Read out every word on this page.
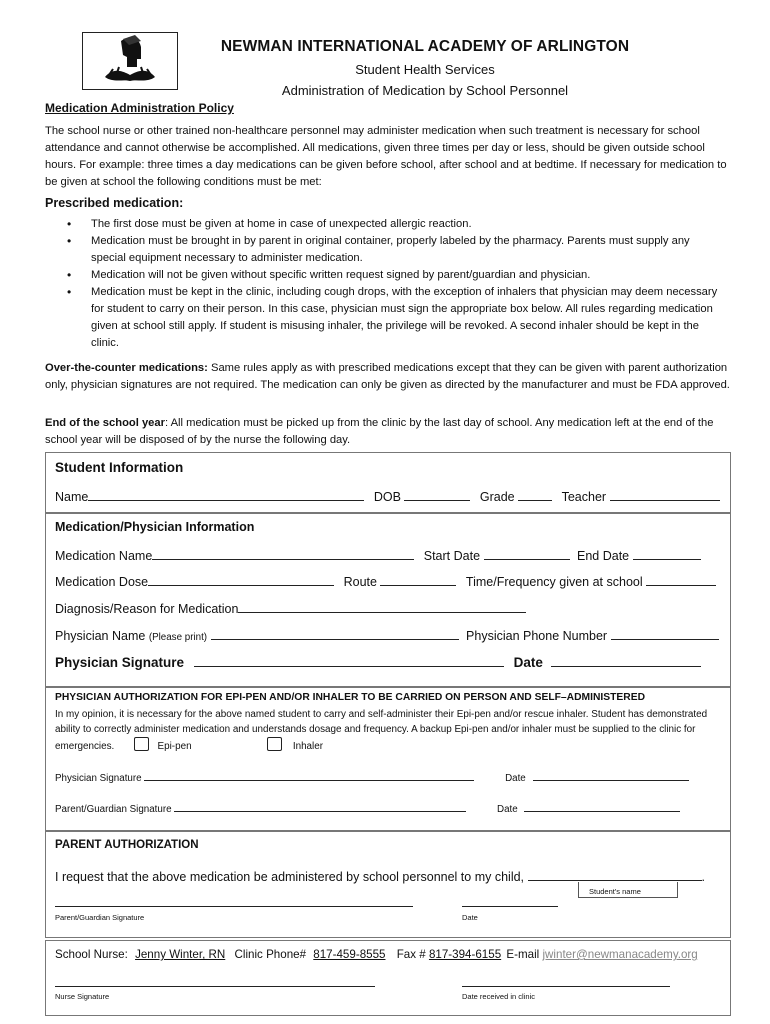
NEWMAN INTERNATIONAL ACADEMY OF ARLINGTON
Student Health Services
Administration of Medication by School Personnel
Medication Administration Policy
The school nurse or other trained non-healthcare personnel may administer medication when such treatment is necessary for school attendance and cannot otherwise be accomplished. All medications, given three times per day or less, should be given outside school hours. For example: three times a day medications can be given before school, after school and at bedtime. If necessary for medication to be given at school the following conditions must be met:
Prescribed medication:
• The first dose must be given at home in case of unexpected allergic reaction.
• Medication must be brought in by parent in original container, properly labeled by the pharmacy. Parents must supply any special equipment necessary to administer medication.
• Medication will not be given without specific written request signed by parent/guardian and physician.
• Medication must be kept in the clinic, including cough drops, with the exception of inhalers that physician may deem necessary for student to carry on their person. In this case, physician must sign the appropriate box below. All rules regarding medication given at school still apply. If student is misusing inhaler, the privilege will be revoked. A second inhaler should be kept in the clinic.
Over-the-counter medications: Same rules apply as with prescribed medications except that they can be given with parent authorization only, physician signatures are not required. The medication can only be given as directed by the manufacturer and must be FDA approved.
End of the school year: All medication must be picked up from the clinic by the last day of school. Any medication left at the end of the school year will be disposed of by the nurse the following day.
Student Information
Name	DOB	Grade	Teacher
Medication/Physician Information
Medication Name	Start Date	End Date
Medication Dose	Route	Time/Frequency given at school
Diagnosis/Reason for Medication
Physician Name (Please print)	Physician Phone Number
Physician Signature	Date
PHYSICIAN AUTHORIZATION FOR EPI-PEN AND/OR INHALER TO BE CARRIED ON PERSON AND SELF–ADMINISTERED
In my opinion, it is necessary for the above named student to carry and self-administer their Epi-pen and/or rescue inhaler. Student has demonstrated ability to correctly administer medication and understands dosage and frequency. A backup Epi-pen and/or inhaler must be supplied to the clinic for emergencies.	Epi-pen	Inhaler
Physician Signature	Date
Parent/Guardian Signature	Date
PARENT AUTHORIZATION
I request that the above medication be administered by school personnel to my child,	.
Student's name
Parent/Guardian Signature	Date
School Nurse: Jenny Winter, RN Clinic Phone# 817-459-8555 Fax # 817-394-6155 E-mail jwinter@newmanacademy.org
Nurse Signature	Date received in clinic
